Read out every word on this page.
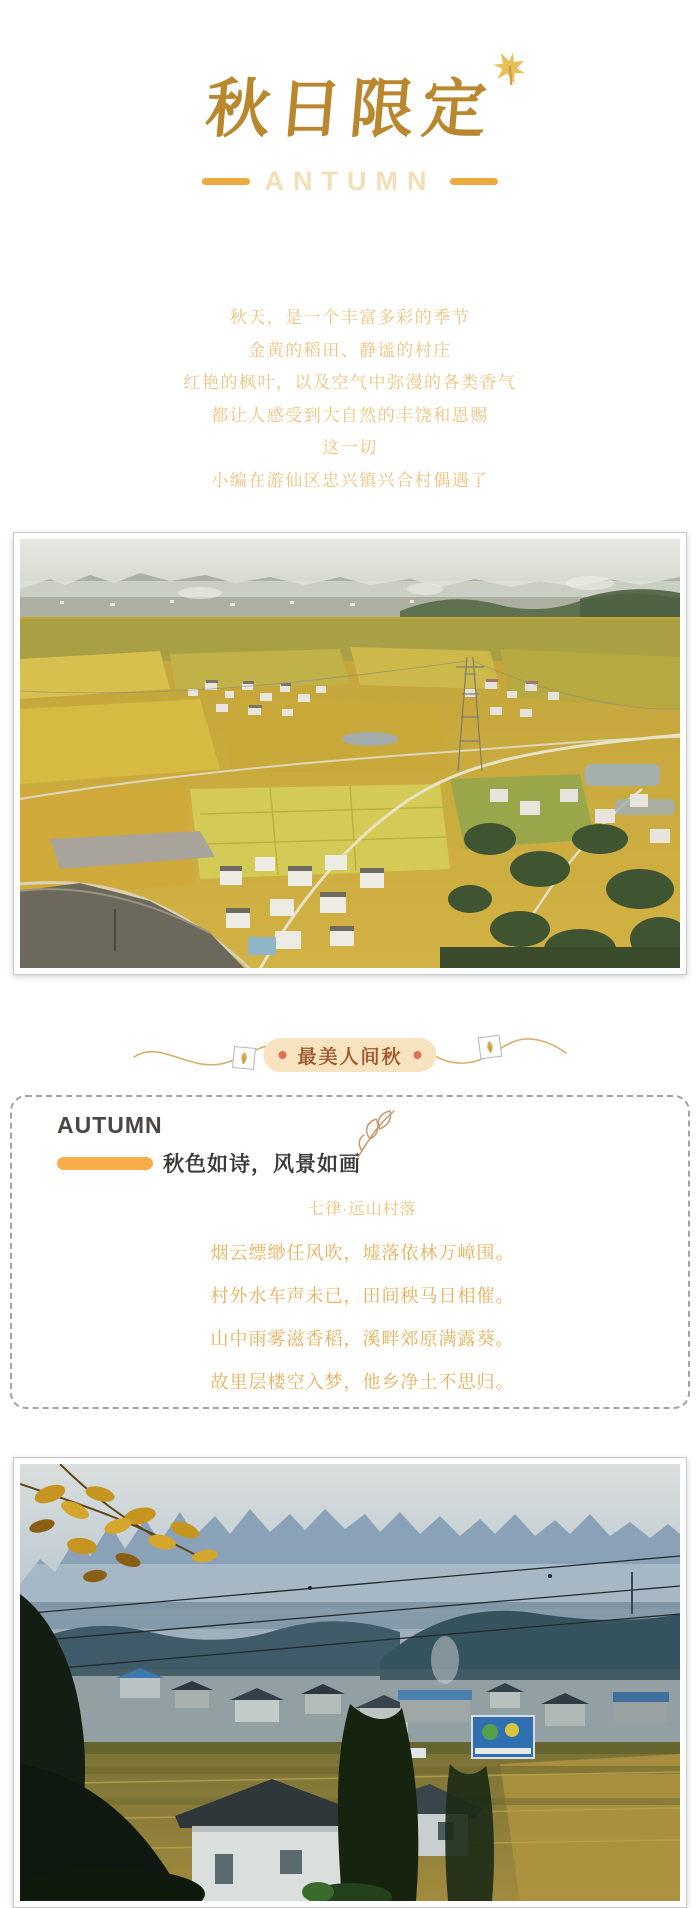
秋日限定
ANTUMN

秋天，是一个丰富多彩的季节

金黄的稻田、静谧的村庄

红艳的枫叶，以及空气中弥漫的各类香气

都让人感受到大自然的丰饶和恩赐

这一切

小编在游仙区忠兴镇兴合村偶遇了

最美人间秋
AUTUMN
秋色如诗，风景如画

七律·远山村落

烟云缥缈任风吹，墟落依林万嶂围。

村外水车声未已，田间秧马日相催。

山中雨雾滋香稻，溪畔郊原满露葵。

故里层楼空入梦，他乡净土不思归。
